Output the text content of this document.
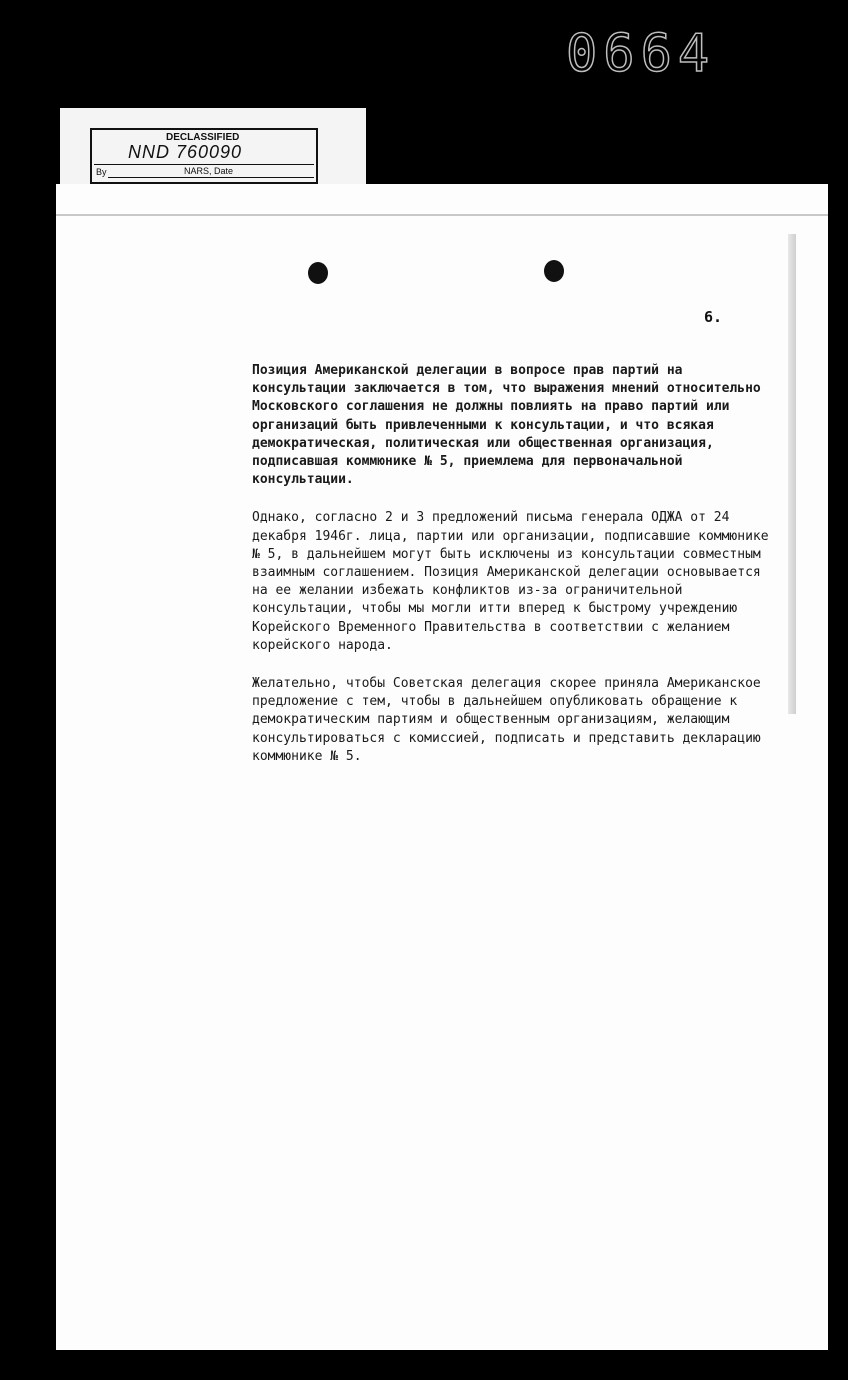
0664
DECLASSIFIED
NND 760090
By	NARS, Date
6.

Позиция Американской делегации в вопросе прав партий на консультации заключается в том, что выражения мнений относительно Московского соглашения не должны повлиять на право партий или организаций быть привлеченными к консультации, и что всякая демократическая, политическая или общественная организация, подписавшая коммюнике № 5, приемлема для первоначальной консультации.

Однако, согласно 2 и 3 предложений письма генерала ОДЖА от 24 декабря 1946г. лица, партии или организации, подписавшие коммюнике № 5, в дальнейшем могут быть исключены из консультации совместным взаимным соглашением. Позиция Американской делегации основывается на ее желании избежать конфликтов из-за ограничительной консультации, чтобы мы могли итти вперед к быстрому учреждению Корейского Временного Правительства в соответствии с желанием корейского народа.

Желательно, чтобы Советская делегация скорее приняла Американское предложение с тем, чтобы в дальнейшем опубликовать обращение к демократическим партиям и общественным организациям, желающим консультироваться с комиссией, подписать и представить декларацию коммюнике № 5.
